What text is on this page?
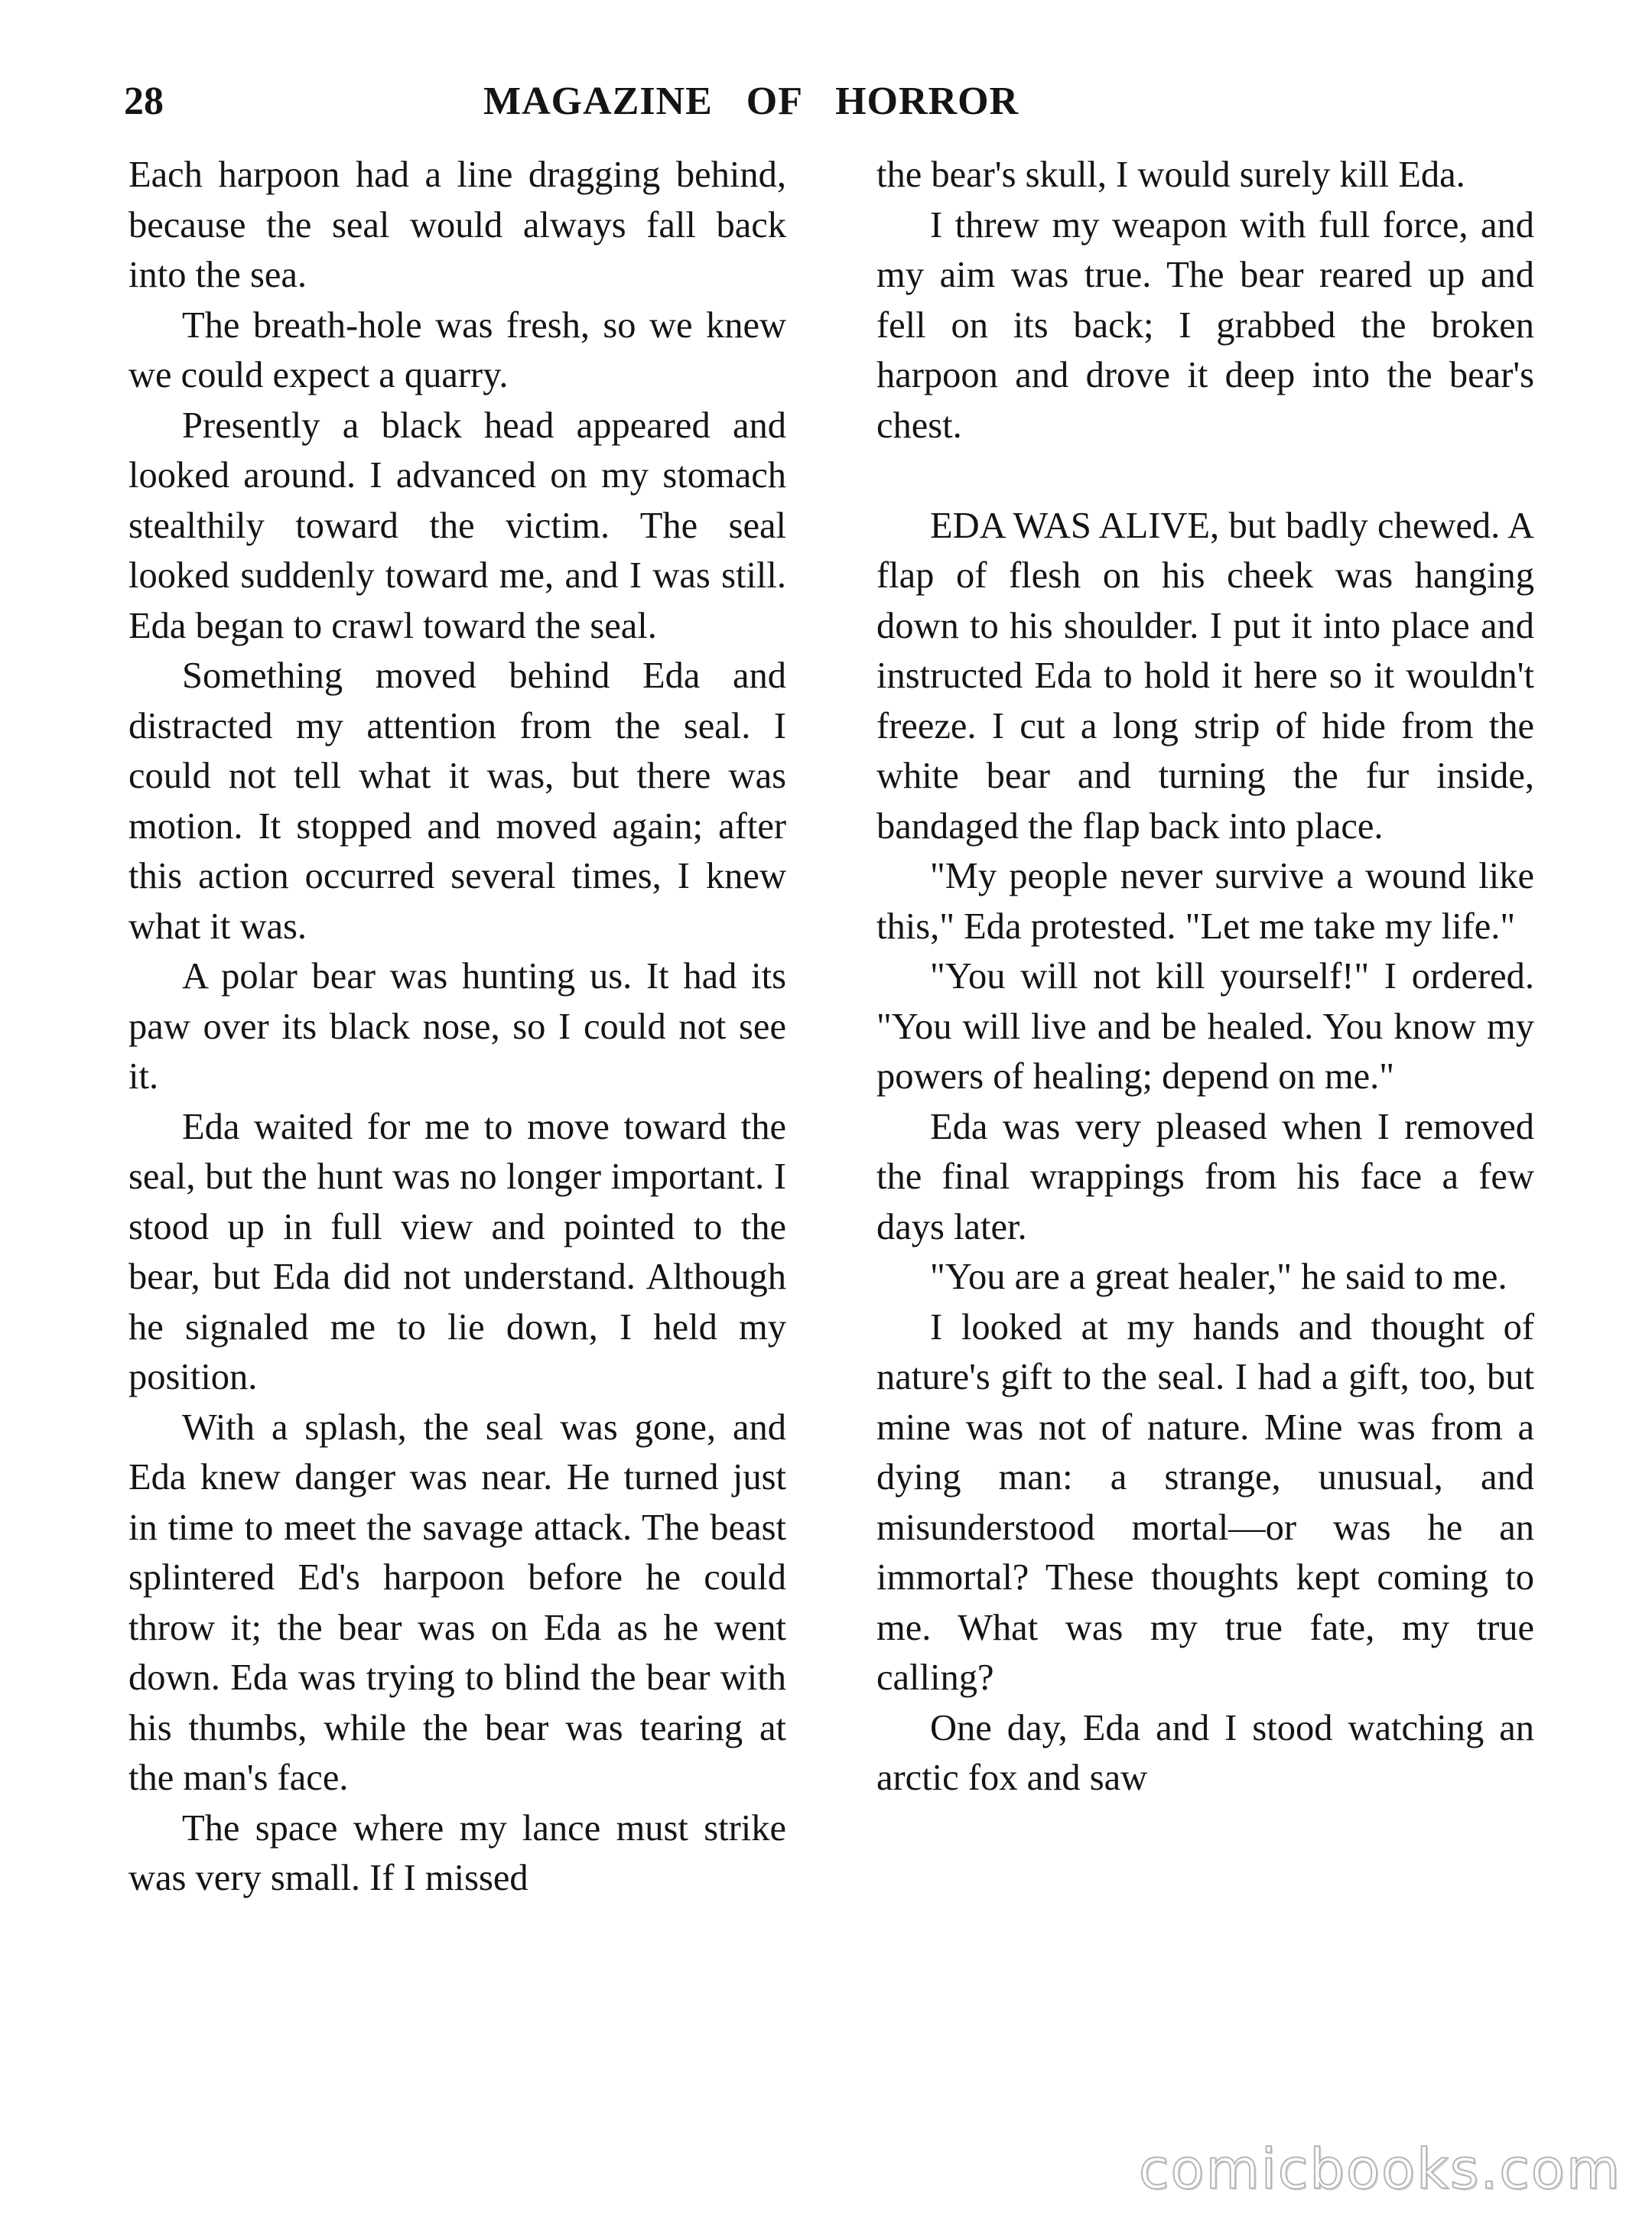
28	MAGAZINE OF HORROR

Each harpoon had a line dragging behind, because the seal would always fall back into the sea.

The breath-hole was fresh, so we knew we could expect a quarry.

Presently a black head appeared and looked around. I advanced on my stomach stealthily toward the victim. The seal looked suddenly toward me, and I was still. Eda began to crawl toward the seal.

Something moved behind Eda and distracted my attention from the seal. I could not tell what it was, but there was motion. It stopped and moved again; after this action occurred several times, I knew what it was.

A polar bear was hunting us. It had its paw over its black nose, so I could not see it.

Eda waited for me to move toward the seal, but the hunt was no longer important. I stood up in full view and pointed to the bear, but Eda did not understand. Although he signaled me to lie down, I held my position.

With a splash, the seal was gone, and Eda knew danger was near. He turned just in time to meet the savage attack. The beast splintered Ed's harpoon before he could throw it; the bear was on Eda as he went down. Eda was trying to blind the bear with his thumbs, while the bear was tearing at the man's face.

The space where my lance must strike was very small. If I missed

the bear's skull, I would surely kill Eda.

I threw my weapon with full force, and my aim was true. The bear reared up and fell on its back; I grabbed the broken harpoon and drove it deep into the bear's chest.

EDA WAS ALIVE, but badly chewed. A flap of flesh on his cheek was hanging down to his shoulder. I put it into place and instructed Eda to hold it here so it wouldn't freeze. I cut a long strip of hide from the white bear and turning the fur inside, bandaged the flap back into place.

"My people never survive a wound like this," Eda protested. "Let me take my life."

"You will not kill yourself!" I ordered. "You will live and be healed. You know my powers of healing; depend on me."

Eda was very pleased when I removed the final wrappings from his face a few days later.

"You are a great healer," he said to me.

I looked at my hands and thought of nature's gift to the seal. I had a gift, too, but mine was not of nature. Mine was from a dying man: a strange, unusual, and misunderstood mortal—or was he an immortal? These thoughts kept coming to me. What was my true fate, my true calling?

One day, Eda and I stood watching an arctic fox and saw

comicbooks.com
